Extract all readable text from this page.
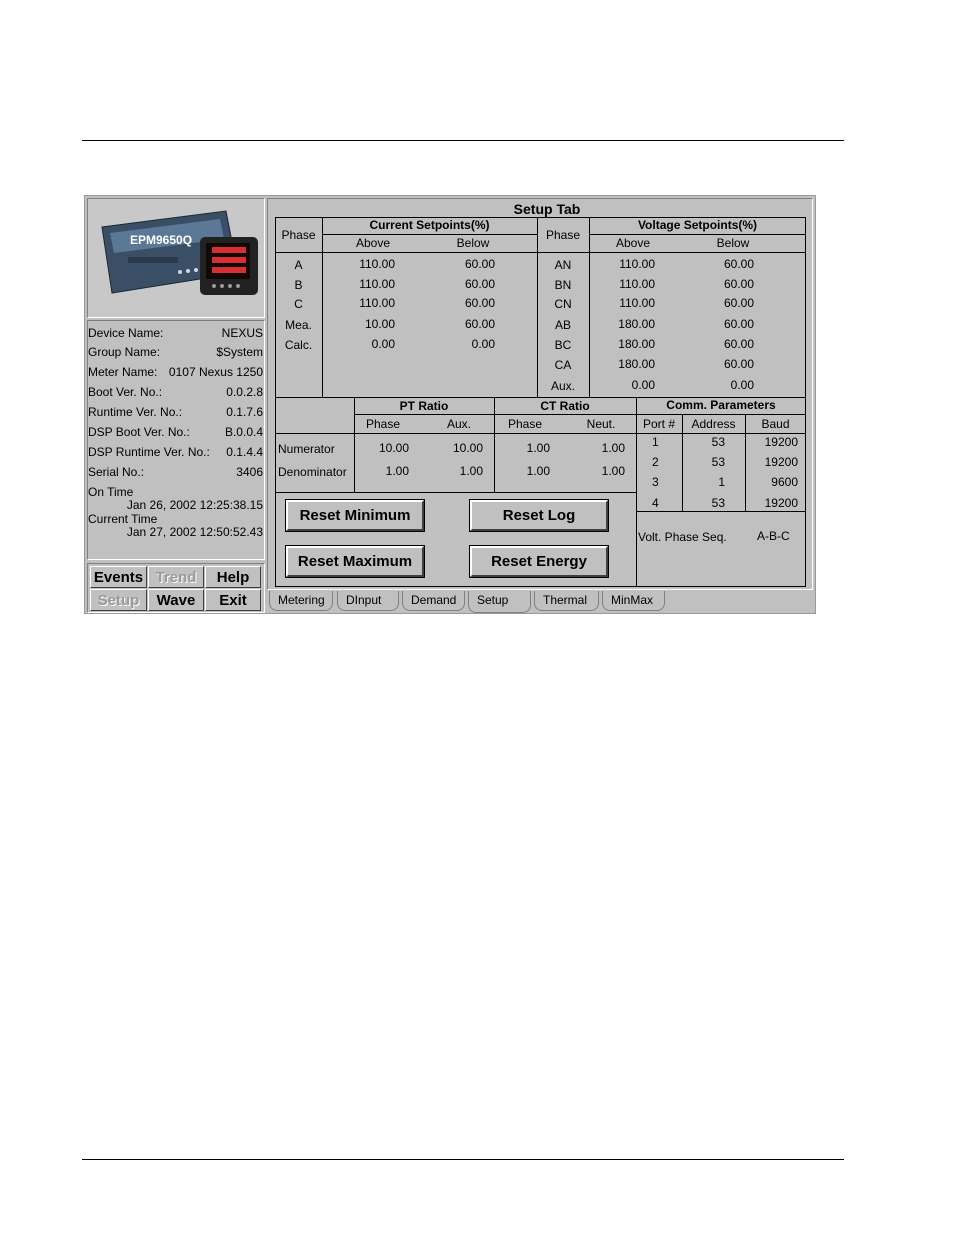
EPM9650Q
Device Name:	NEXUS
Group Name:	$System
Meter Name: 0107 Nexus 1250
Boot Ver. No.:	0.0.2.8
Runtime Ver. No.:	0.1.7.6
DSP Boot Ver. No.:	B.0.0.4
DSP Runtime Ver. No.:	0.1.4.4
Serial No.:	3406
On Time
Jan 26, 2002 12:25:38.15
Current Time
Jan 27, 2002 12:50:52.43
Events Trend	Help
Setup	Wave	Exit
Setup Tab
Phase
Current Setpoints(%)
Above	Below
Phase
Voltage Setpoints(%)
Above	Below
A	110.00	60.00
B	110.00	60.00
C	110.00	60.00
Mea.	10.00	60.00
Calc.	0.00	0.00
AN	110.00	60.00
BN	110.00	60.00
CN	110.00	60.00
AB	180.00	60.00
BC	180.00	60.00
CA	180.00	60.00
Aux.	0.00	0.00
PT Ratio	CT Ratio
Phase	Aux.	Phase	Neut.
Numerator	10.00	10.00	1.00	1.00
Denominator	1.00	1.00	1.00	1.00
Comm. Parameters
Port #	Address	Baud
1	53	19200
2	53	19200
3	1	9600
4	53	19200
Volt. Phase Seq.	A-B-C
Reset Minimum	Reset Log
Reset Maximum	Reset Energy
Metering	DInput	Demand	Setup	Thermal	MinMax
